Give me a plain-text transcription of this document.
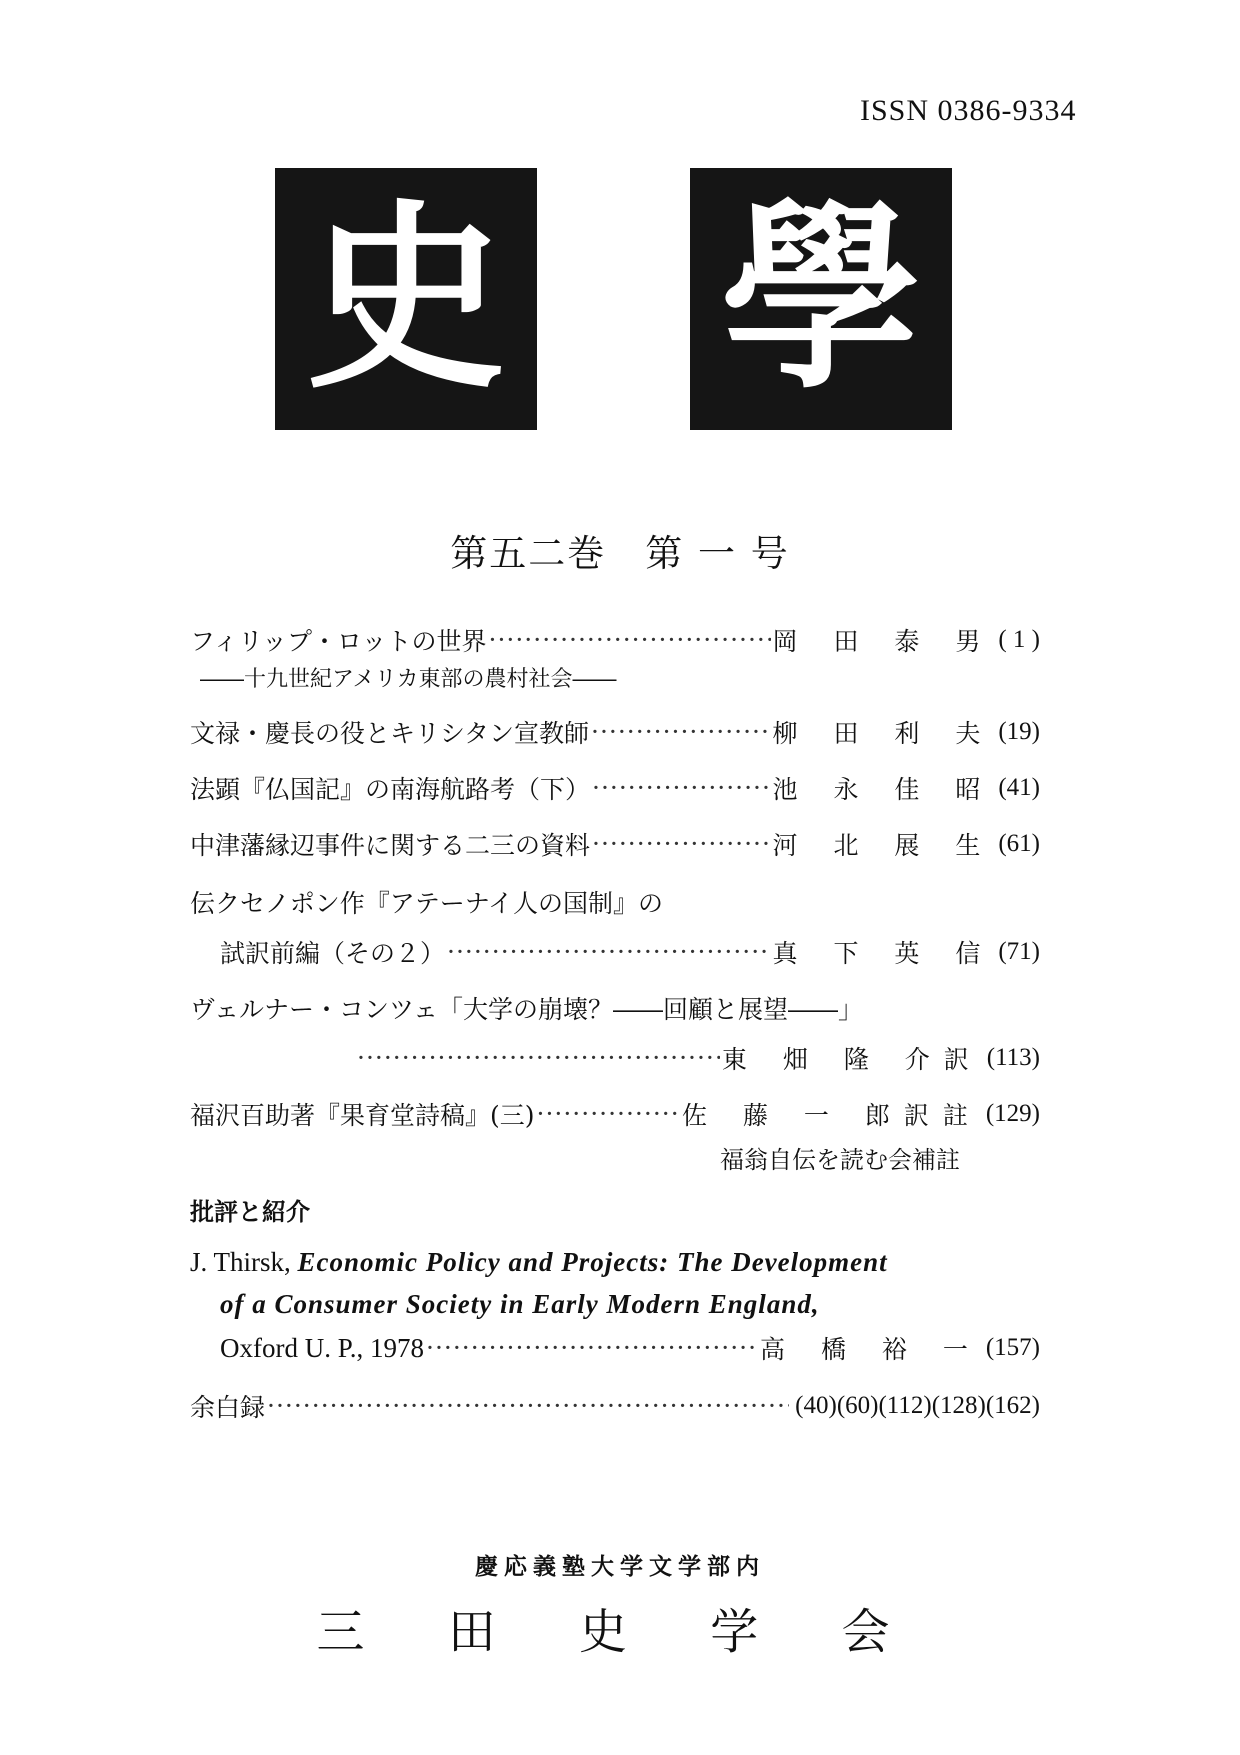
ISSN 0386-9334
史 學
第五二巻　第 一 号
フィリップ・ロットの世界 ·····	岡 田 泰 男 ( 1 )
――十九世紀アメリカ東部の農村社会――
文禄・慶長の役とキリシタン宣教師 ·····	柳 田 利 夫 (19)
法顕『仏国記』の南海航路考（下） ·····	池 永 佳 昭 (41)
中津藩縁辺事件に関する二三の資料 ·····	河 北 展 生 (61)
伝クセノポン作『アテーナイ人の国制』の
試訳前編（その２） ·····	真 下 英 信 (71)
ヴェルナー・コンツェ「大学の崩壊？――回顧と展望――」
·····
東 畑 隆 介訳 (113)
福沢百助著『果育堂詩稿』(三) ·····	佐 藤 一 郎訳註 (129)
福翁自伝を読む会補註
批評と紹介
J. Thirsk, Economic Policy and Projects: The Development
of a Consumer Society in Early Modern England,
Oxford U. P., 1978 ·····	高 橋 裕 一 (157)
余白録 ·····	(40)(60)(112)(128)(162)
慶応義塾大学文学部内
三 田 史 学 会
